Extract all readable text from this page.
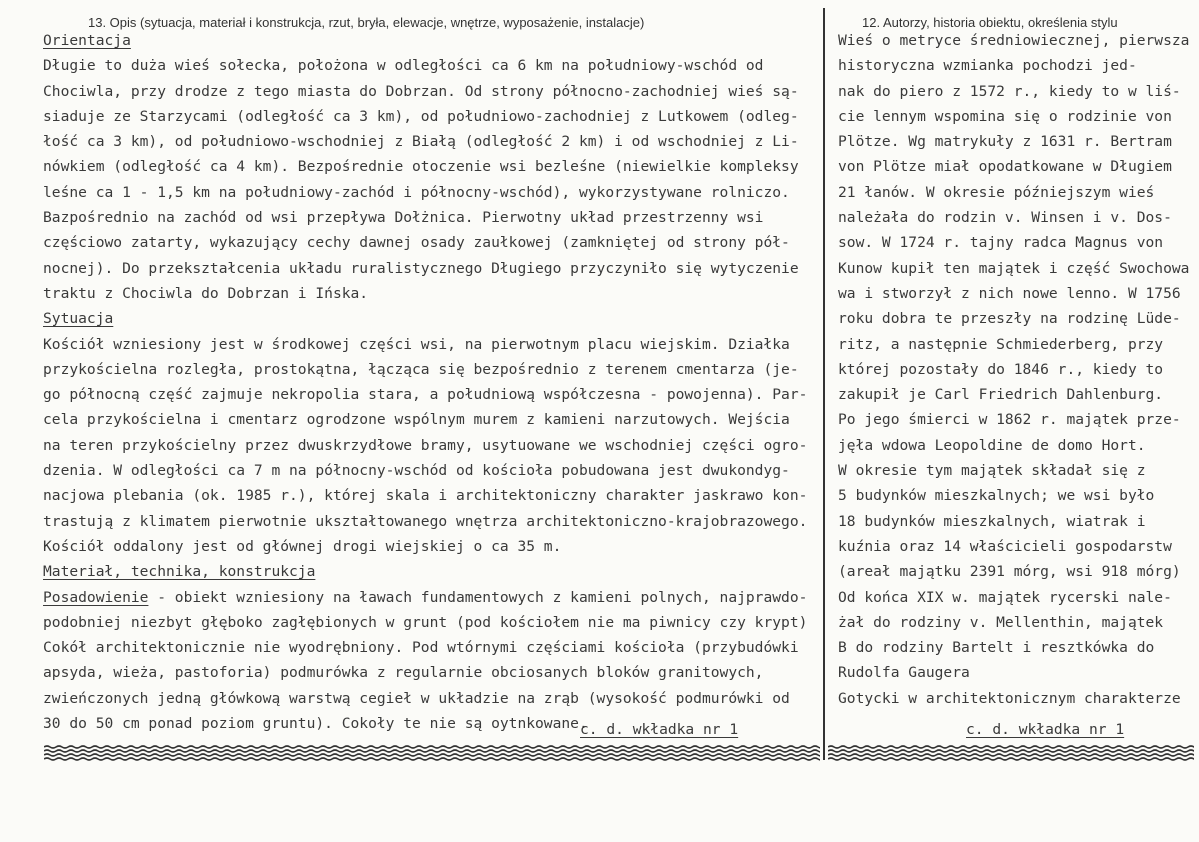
13. Opis (sytuacja, materiał i konstrukcja, rzut, bryła, elewacje, wnętrze, wyposażenie, instalacje)	12. Autorzy, historia obiektu, określenia stylu
Orientacja
Długie to duża wieś sołecka, położona w odległości ca 6 km na południowy-wschód od
Chociwla, przy drodze z tego miasta do Dobrzan. Od strony północno-zachodniej wieś są-
siaduje ze Starzycami (odległość ca 3 km), od południowo-zachodniej z Lutkowem (odleg-
łość ca 3 km), od południowo-wschodniej z Białą (odległość 2 km) i od wschodniej z Li-
nówkiem (odległość ca 4 km). Bezpośrednie otoczenie wsi bezleśne (niewielkie kompleksy
leśne ca 1 - 1,5 km na południowy-zachód i północny-wschód), wykorzystywane rolniczo.
Bazpośrednio na zachód od wsi przepływa Dołżnica. Pierwotny układ przestrzenny wsi
częściowo zatarty, wykazujący cechy dawnej osady zaułkowej (zamkniętej od strony pół-
nocnej). Do przekształcenia układu ruralistycznego Długiego przyczyniło się wytyczenie
traktu z Chociwla do Dobrzan i Ińska.
Sytuacja
Kościół wzniesiony jest w środkowej części wsi, na pierwotnym placu wiejskim. Działka
przykościelna rozległa, prostokątna, łącząca się bezpośrednio z terenem cmentarza (je-
go północną część zajmuje nekropolia stara, a południową współczesna - powojenna). Par-
cela przykościelna i cmentarz ogrodzone wspólnym murem z kamieni narzutowych. Wejścia
na teren przykościelny przez dwuskrzydłowe bramy, usytuowane we wschodniej części ogro-
dzenia. W odległości ca 7 m na północny-wschód od kościoła pobudowana jest dwukondyg-
nacjowa plebania (ok. 1985 r.), której skala i architektoniczny charakter jaskrawo kon-
trastują z klimatem pierwotnie ukształtowanego wnętrza architektoniczno-krajobrazowego.
Kościół oddalony jest od głównej drogi wiejskiej o ca 35 m.
Materiał, technika, konstrukcja
Posadowienie - obiekt wzniesiony na ławach fundamentowych z kamieni polnych, najprawdo-
podobniej niezbyt głęboko zagłębionych w grunt (pod kościołem nie ma piwnicy czy krypt)
Cokół architektonicznie nie wyodrębniony. Pod wtórnymi częściami kościoła (przybudówki
apsyda, wieża, pastoforia) podmurówka z regularnie obciosanych bloków granitowych,
zwieńczonych jedną główkową warstwą cegieł w układzie na zrąb (wysokość podmurówki od
30 do 50 cm ponad poziom gruntu). Cokoły te nie są oytnkowane.
Wieś o metryce średniowiecznej, pierwsza
historyczna wzmianka pochodzi jed-
nak do piero z 1572 r., kiedy to w liś-
cie lennym wspomina się o rodzinie von
Plötze. Wg matrykuły z 1631 r. Bertram
von Plötze miał opodatkowane w Długiem
21 łanów. W okresie późniejszym wieś
należała do rodzin v. Winsen i v. Dos-
sow. W 1724 r. tajny radca Magnus von
Kunow kupił ten majątek i część Swochowa
wa i stworzył z nich nowe lenno. W 1756
roku dobra te przeszły na rodzinę Lüde-
ritz, a następnie Schmiederberg, przy
której pozostały do 1846 r., kiedy to
zakupił je Carl Friedrich Dahlenburg.
Po jego śmierci w 1862 r. majątek prze-
jęła wdowa Leopoldine de domo Hort.
W okresie tym majątek składał się z
5 budynków mieszkalnych; we wsi było
18 budynków mieszkalnych, wiatrak i
kuźnia oraz 14 właścicieli gospodarstw
(areał majątku 2391 mórg, wsi 918 mórg)
Od końca XIX w. majątek rycerski nale-
żał do rodziny v. Mellenthin, majątek
B do rodziny Bartelt i resztkówka do
Rudolfa Gaugera
Gotycki w architektonicznym charakterze
c. d. wkładka nr 1	c. d. wkładka nr 1
